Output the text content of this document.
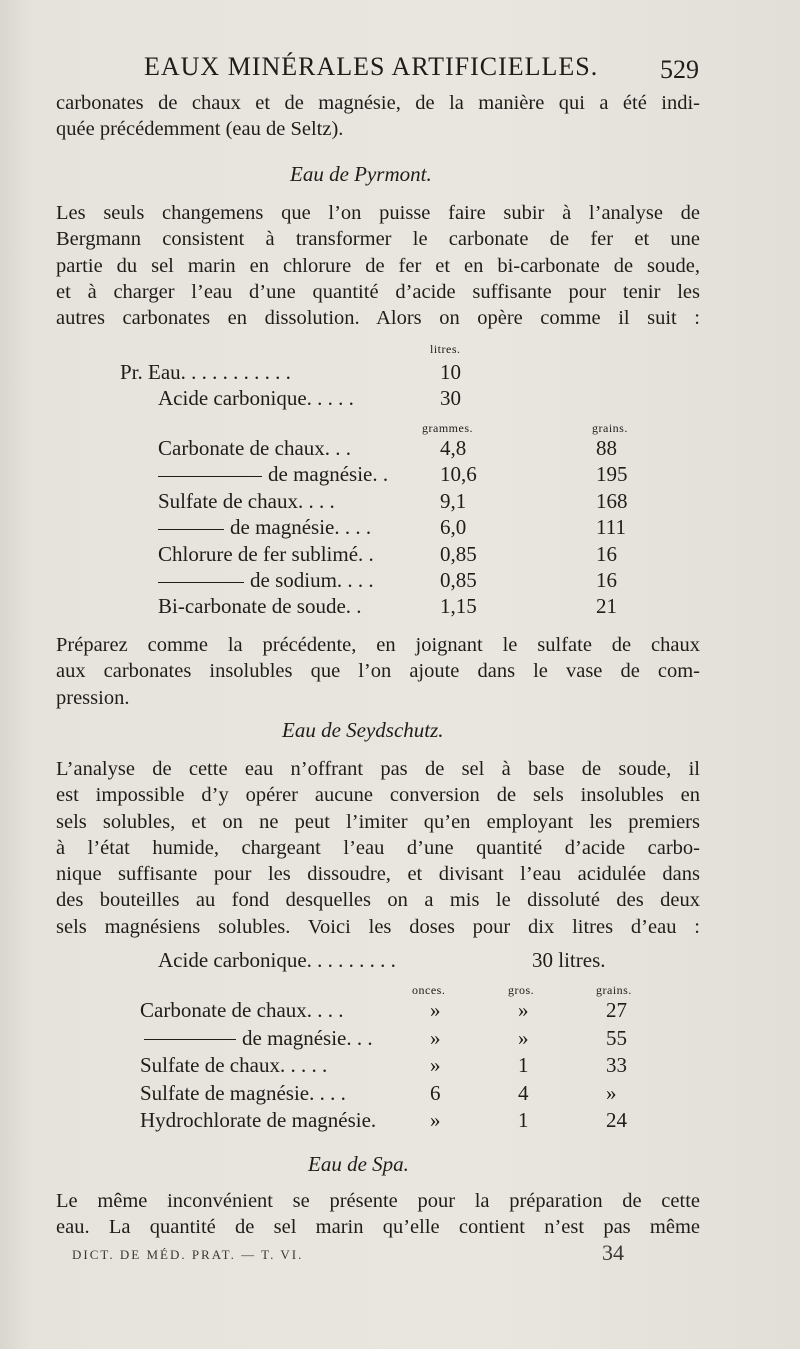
EAUX MINÉRALES ARTIFICIELLES. 529
carbonates de chaux et de magnésie, de la manière qui a été indi-
quée précédemment (eau de Seltz).
Eau de Pyrmont.
Les seuls changemens que l’on puisse faire subir à l’analyse de
Bergmann consistent à transformer le carbonate de fer et une
partie du sel marin en chlorure de fer et en bi-carbonate de soude,
et à charger l’eau d’une quantité d’acide suffisante pour tenir les
autres carbonates en dissolution. Alors on opère comme il suit :
litres.
Pr. Eau. . . . . . . . . . .	10
Acide carbonique. . . . .	30
grammes.	grains.
Carbonate de chaux. . .	4,8	88
de magnésie. . 10,6	195
Sulfate de chaux. . . .	9,1	168
de magnésie. . . .	6,0	111
Chlorure de fer sublimé. .	0,85	16
de sodium. . . .	0,85	16
Bi-carbonate de soude. .	1,15	21
Préparez comme la précédente, en joignant le sulfate de chaux
aux carbonates insolubles que l’on ajoute dans le vase de com-
pression.
Eau de Seydschutz.
L’analyse de cette eau n’offrant pas de sel à base de soude, il
est impossible d’y opérer aucune conversion de sels insolubles en
sels solubles, et on ne peut l’imiter qu’en employant les premiers
à l’état humide, chargeant l’eau d’une quantité d’acide carbo-
nique suffisante pour les dissoudre, et divisant l’eau acidulée dans
des bouteilles au fond desquelles on a mis le dissoluté des deux
sels magnésiens solubles. Voici les doses pour dix litres d’eau :
Acide carbonique. . . . . . . . .	30 litres.
onces.	gros.	grains.
Carbonate de chaux. . . .	»	»	27
de magnésie. . .	»	»	55
Sulfate de chaux. . . . .	»	1	33
Sulfate de magnésie. . . .	6	4	»
Hydrochlorate de magnésie.	»	1	24
Eau de Spa.
Le même inconvénient se présente pour la préparation de cette
eau. La quantité de sel marin qu’elle contient n’est pas même
DICT. DE MÉD. PRAT. — T. VI.	34
